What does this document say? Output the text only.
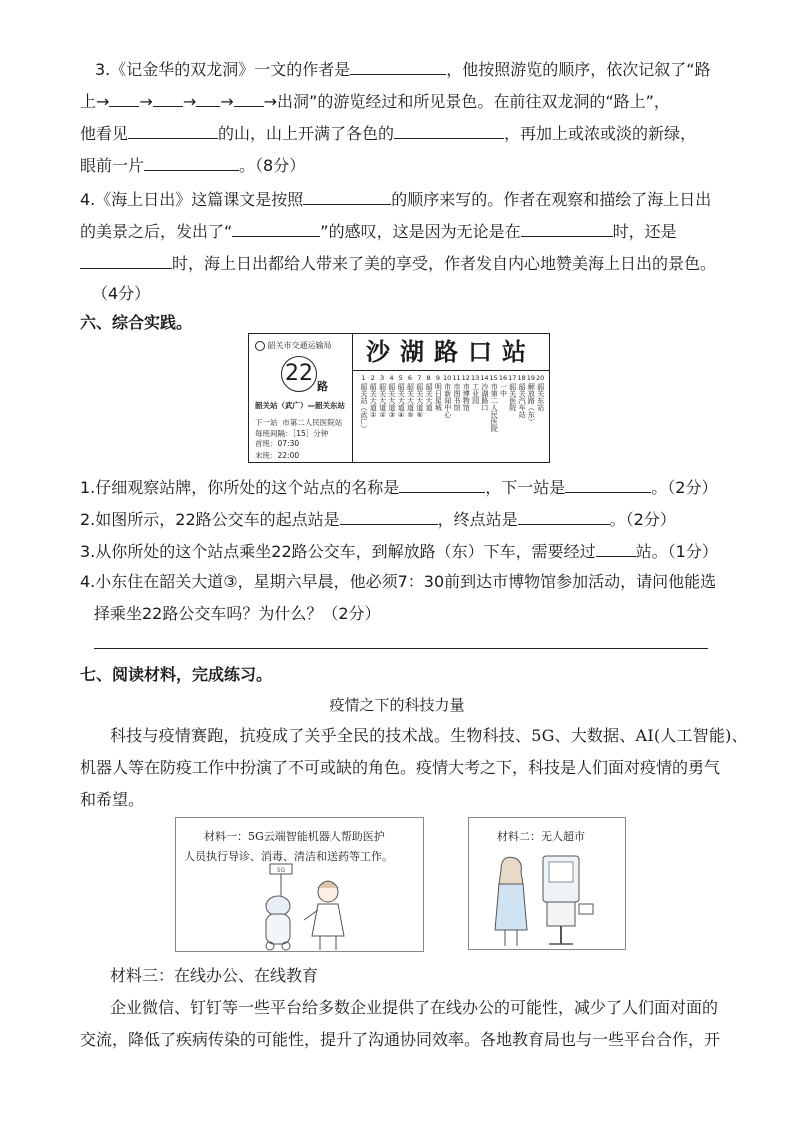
3.《记金华的双龙洞》一文的作者是	，他按照游览的顺序，依次记叙了“路
上→ → → → →出洞”的游览经过和所见景色。在前往双龙洞的“路上”，
他看见	的山，山上开满了各色的	，再加上或浓或淡的新绿，
眼前一片	。（8分）
4.《海上日出》这篇课文是按照	的顺序来写的。作者在观察和描绘了海上日出
的美景之后，发出了“	”的感叹，这是因为无论是在	时，还是
时，海上日出都给人带来了美的享受，作者发自内心地赞美海上日出的景色。
（4分）
六、综合实践。
韶关市交通运输局
22
路
韶关站（武广）—韶关东站
下一站 市第二人民医院站
每班间隔：［15］分钟
首班：07:30
末班：22:00
沙湖路口站
1
韶关站（武广）
2
韶关大道①
3
韶关大道②
4
韶关大道③
5
韶关大道④
6
韶关大道⑤
7
韶关大道⑥
8
韶关大道
9
明日星城
10
市新闻中心
11
市图书馆
12
市博物馆
13
工业园
14
沙湖路口
15
市第二人民医院
16
一中
17
韶关医院
18
韶关汽车站
19
解放路（东）
20
韶关东站
1.仔细观察站牌，你所处的这个站点的名称是	，下一站是	。（2分）
2.如图所示，22路公交车的起点站是	，终点站是	。（2分）
3.从你所处的这个站点乘坐22路公交车，到解放路（东）下车，需要经过	站。（1分）
4.小东住在韶关大道③，星期六早晨，他必须7：30前到达市博物馆参加活动，请问他能选
择乘坐22路公交车吗？为什么？（2分）
七、阅读材料，完成练习。
疫情之下的科技力量
科技与疫情赛跑，抗疫成了关乎全民的技术战。生物科技、5G、大数据、AI(人工智能)、
机器人等在防疫工作中扮演了不可或缺的角色。疫情大考之下，科技是人们面对疫情的勇气
和希望。
材料一：5G云端智能机器人帮助医护
人员执行导诊、消毒、清洁和送药等工作。
5G
材料二：无人超市
材料三：在线办公、在线教育
企业微信、钉钉等一些平台给多数企业提供了在线办公的可能性，减少了人们面对面的
交流，降低了疾病传染的可能性，提升了沟通协同效率。各地教育局也与一些平台合作，开
